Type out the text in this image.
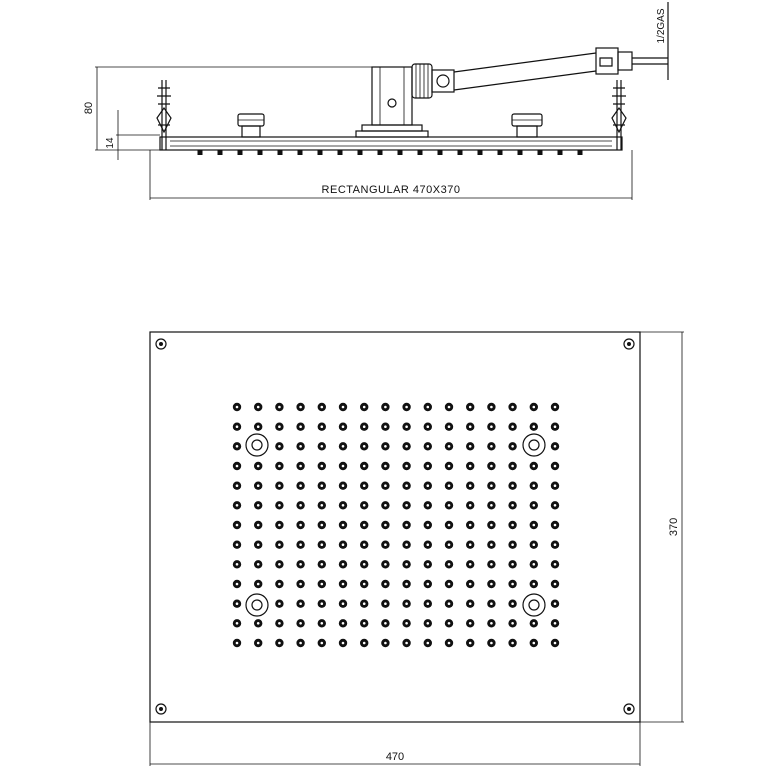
RECTANGULAR 470X370
80
14
1/2GAS
370
470
